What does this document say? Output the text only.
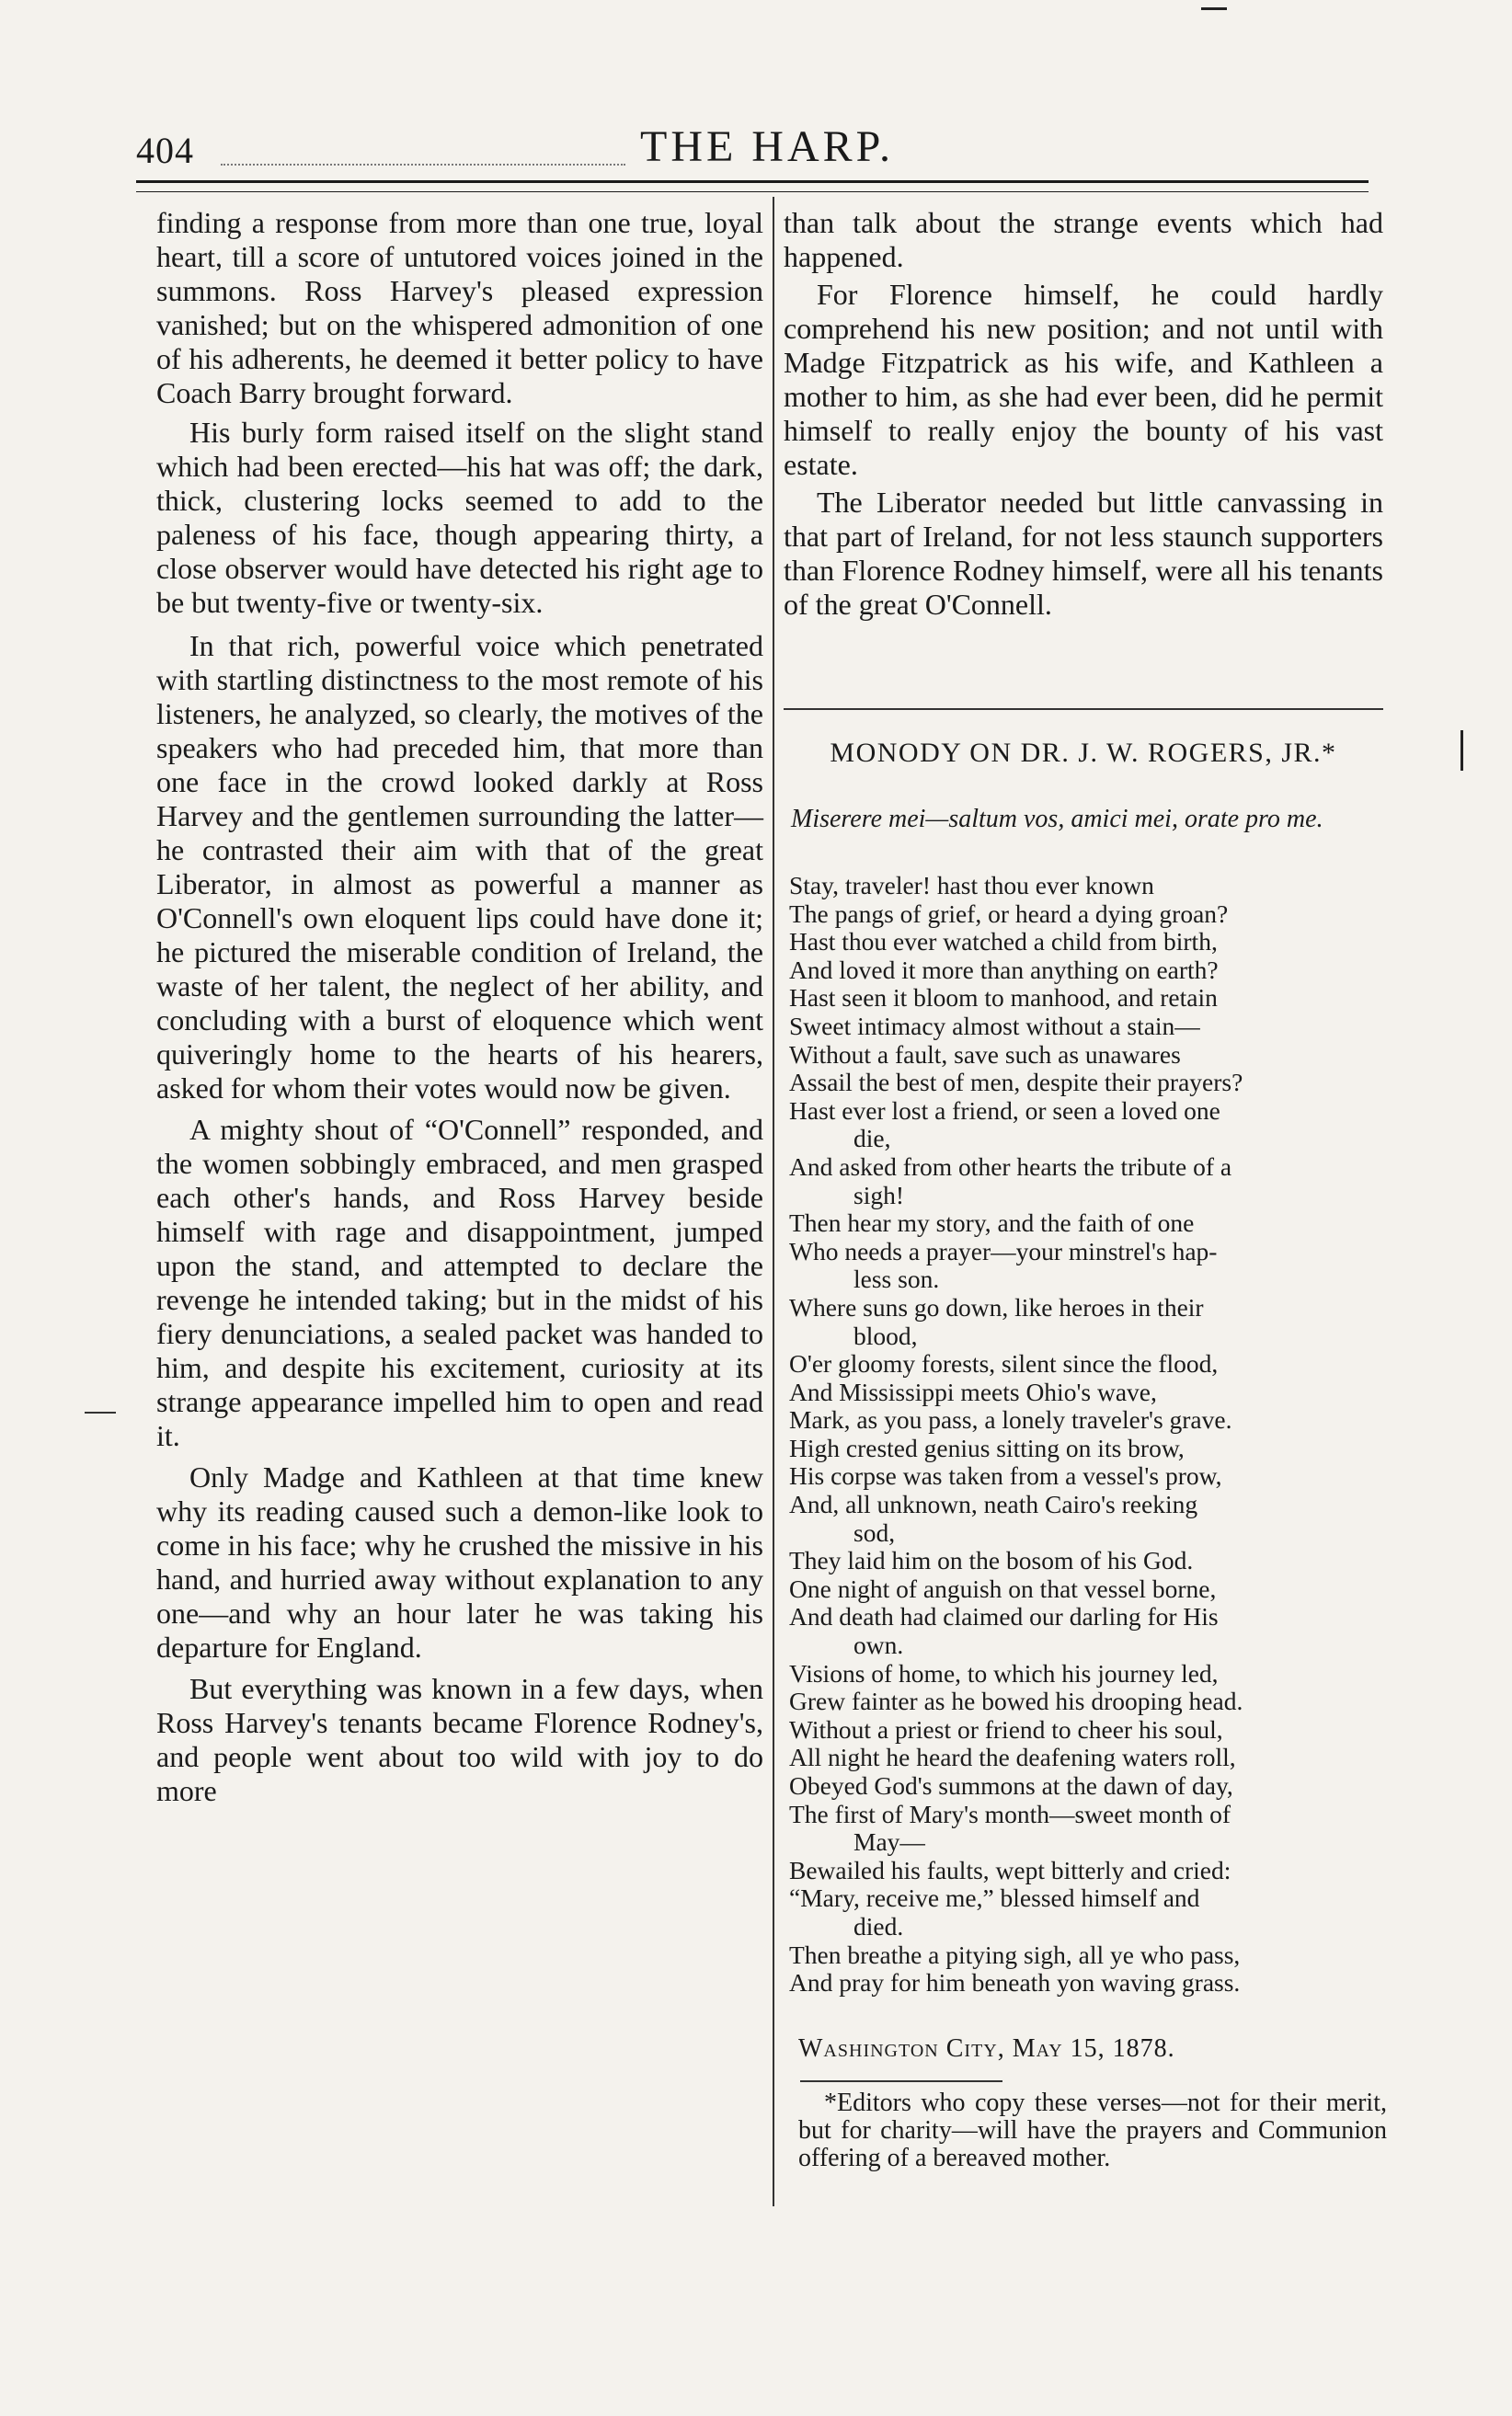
404	THE HARP.

finding a response from more than one true, loyal heart, till a score of untutored voices joined in the summons. Ross Harvey's pleased expression vanished; but on the whispered admonition of one of his adherents, he deemed it better policy to have Coach Barry brought forward.

His burly form raised itself on the slight stand which had been erected—his hat was off; the dark, thick, clustering locks seemed to add to the paleness of his face, though appearing thirty, a close observer would have detected his right age to be but twenty-five or twenty-six.

In that rich, powerful voice which penetrated with startling distinctness to the most remote of his listeners, he analyzed, so clearly, the motives of the speakers who had preceded him, that more than one face in the crowd looked darkly at Ross Harvey and the gentlemen surrounding the latter—he contrasted their aim with that of the great Liberator, in almost as powerful a manner as O'Connell's own eloquent lips could have done it; he pictured the miserable condition of Ireland, the waste of her talent, the neglect of her ability, and concluding with a burst of eloquence which went quiveringly home to the hearts of his hearers, asked for whom their votes would now be given.

A mighty shout of “O'Connell” responded, and the women sobbingly embraced, and men grasped each other's hands, and Ross Harvey beside himself with rage and disappointment, jumped upon the stand, and attempted to declare the revenge he intended taking; but in the midst of his fiery denunciations, a sealed packet was handed to him, and despite his excitement, curiosity at its strange appearance impelled him to open and read it.

Only Madge and Kathleen at that time knew why its reading caused such a demon-like look to come in his face; why he crushed the missive in his hand, and hurried away without explanation to any one—and why an hour later he was taking his departure for England.

But everything was known in a few days, when Ross Harvey's tenants became Florence Rodney's, and people went about too wild with joy to do more

than talk about the strange events which had happened.

For Florence himself, he could hardly comprehend his new position; and not until with Madge Fitzpatrick as his wife, and Kathleen a mother to him, as she had ever been, did he permit himself to really enjoy the bounty of his vast estate.

The Liberator needed but little canvassing in that part of Ireland, for not less staunch supporters than Florence Rodney himself, were all his tenants of the great O'Connell.

MONODY ON DR. J. W. ROGERS, JR.*
Miserere mei—saltum vos, amici mei, orate pro me.
Stay, traveler! hast thou ever known
The pangs of grief, or heard a dying groan?
Hast thou ever watched a child from birth,
And loved it more than anything on earth?
Hast seen it bloom to manhood, and retain
Sweet intimacy almost without a stain—
Without a fault, save such as unawares
Assail the best of men, despite their prayers?
Hast ever lost a friend, or seen a loved one
die,
And asked from other hearts the tribute of a
sigh!
Then hear my story, and the faith of one
Who needs a prayer—your minstrel's hap-
less son.
Where suns go down, like heroes in their
blood,
O'er gloomy forests, silent since the flood,
And Mississippi meets Ohio's wave,
Mark, as you pass, a lonely traveler's grave.
High crested genius sitting on its brow,
His corpse was taken from a vessel's prow,
And, all unknown, neath Cairo's reeking
sod,
They laid him on the bosom of his God.
One night of anguish on that vessel borne,
And death had claimed our darling for His
own.
Visions of home, to which his journey led,
Grew fainter as he bowed his drooping head.
Without a priest or friend to cheer his soul,
All night he heard the deafening waters roll,
Obeyed God's summons at the dawn of day,
The first of Mary's month—sweet month of
May—
Bewailed his faults, wept bitterly and cried:
“Mary, receive me,” blessed himself and
died.
Then breathe a pitying sigh, all ye who pass,
And pray for him beneath yon waving grass.
Washington City, May 15, 1878.
*Editors who copy these verses—not for their merit, but for charity—will have the prayers and Communion offering of a bereaved mother.
